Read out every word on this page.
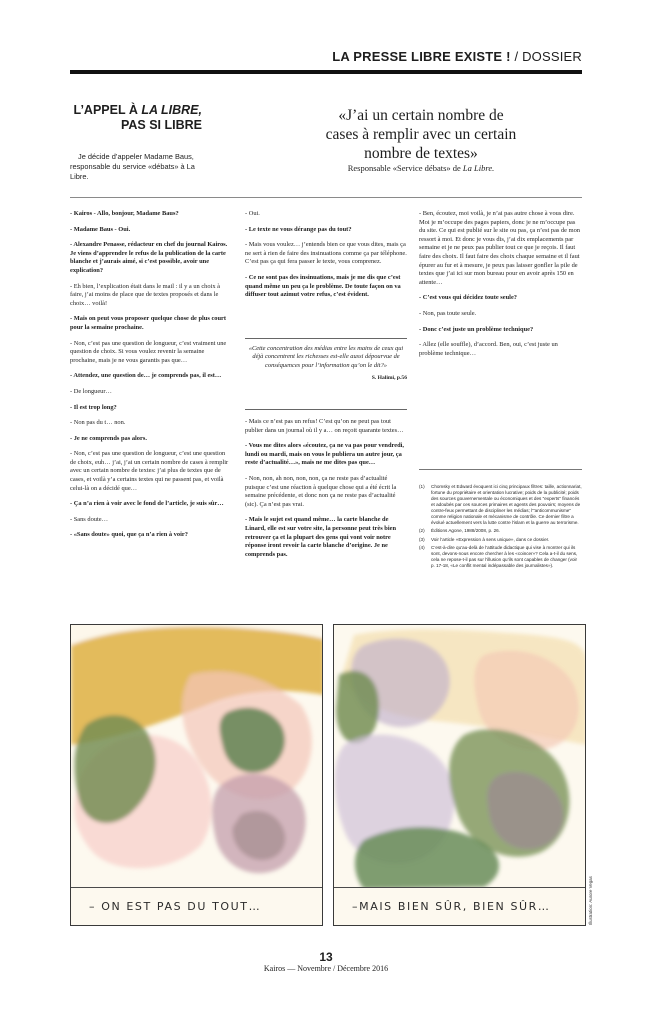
LA PRESSE LIBRE EXISTE ! / DOSSIER
L’APPEL À LA LIBRE,
PAS SI LIBRE
Je décide d’appeler Madame Baus, responsable du service «débats» à La Libre.
«J’ai un certain nombre de cases à remplir avec un certain nombre de textes»
Responsable «Service débats» de La Libre.

- Kairos - Allo, bonjour, Madame Baus?

- Madame Baus - Oui.

- Alexandre Penasse, rédacteur en chef du journal Kairos. Je viens d’apprendre le refus de la publication de la carte blanche et j’aurais aimé, si c’est possible, avoir une explication?

- Eh bien, l’explication était dans le mail : il y a un choix à faire, j’ai moins de place que de textes proposés et dans le choix… voilà!

- Mais on peut vous proposer quelque chose de plus court pour la semaine prochaine.

- Non, c’est pas une question de longueur, c’est vraiment une question de choix. Si vous voulez revenir la semaine prochaine, mais je ne vous garantis pas que…

- Attendez, une question de… je comprends pas, il est…

- De longueur…

- Il est trop long?

- Non pas du t… non.

- Je ne comprends pas alors.

- Non, c’est pas une question de longueur, c’est une question de choix, euh… j’ai, j’ai un certain nombre de cases à remplir avec un certain nombre de textes: j’ai plus de textes que de cases, et voilà y’a certains textes qui ne passent pas, et voilà celui-là on a décidé que…

- Ça n’a rien à voir avec le fond de l’article, je suis sûr…

- Sans doute…

- «Sans doute» quoi, que ça n’a rien à voir?

- Oui.

- Le texte ne vous dérange pas du tout?

- Mais vous voulez… j’entends bien ce que vous dites, mais ça ne sert à rien de faire des insinuations comme ça par téléphone. C’est pas ça qui fera passer le texte, vous comprenez.

- Ce ne sont pas des insinuations, mais je me dis que c’est quand même un peu ça le problème. De toute façon on va diffuser tout azimut votre refus, c’est évident.

«Cette concentration des médias entre les mains de ceux qui déjà concentrent les richesses est-elle aussi dépourvue de conséquences pour l’information qu’on le dit?»
S. Halimi, p.56

- Mais ce n’est pas un refus! C’est qu’on ne peut pas tout publier dans un journal où il y a… on reçoit quarante textes…

- Vous me dites alors «écoutez, ça ne va pas pour vendredi, lundi ou mardi, mais on vous le publiera un autre jour, ça reste d’actualité…», mais ne me dites pas que…

- Non, non, ah non, non, non, ça ne reste pas d’actualité puisque c’est une réaction à quelque chose qui a été écrit la semaine précédente, et donc non ça ne reste pas d’actualité (sic). Ça n’est pas vrai.

- Mais le sujet est quand même… la carte blanche de Linard, elle est sur votre site, la personne peut très bien retrouver ça et la plupart des gens qui vont voir notre réponse iront revoir la carte blanche d’origine. Je ne comprends pas.

- Ben, écoutez, moi voilà, je n’ai pas autre chose à vous dire. Moi je m’occupe des pages papiers, donc je ne m’occupe pas du site. Ce qui est publié sur le site ou pas, ça n’est pas de mon ressort à moi. Et donc je vous dis, j’ai dix emplacements par semaine et je ne peux pas publier tout ce que je reçois. Il faut faire des choix. Il faut faire des choix chaque semaine et il faut épurer au fur et à mesure, je peux pas laisser gonfler la pile de textes que j’ai ici sur mon bureau pour en avoir après 150 en attente…

- C’est vous qui décidez toute seule?

- Non, pas toute seule.

- Donc c’est juste un problème technique?

- Allez (elle souffle), d’accord. Ben, oui, c’est juste un problème technique…

(1)	Chomsky et Edward évoquent ici cinq principaux filtres: taille, actionnariat, fortune du propriétaire et orientation lucrative; poids de la publicité; poids des sources gouvernementale ou économiques et des "experts" financés et adoubés par ces sources primaires et agents des pouvoirs; moyens de contre-feux permettant de discipliner les médias; l'"anticommunisme" comme religion nationale et mécanisme de contrôle. Ce dernier filtre a évolué actuellement vers la lutte contre l'islam et la guerre au terrorisme.
(2)	Éditions Agone, 1988/2008, p. 26.
(3)	Voir l’article «Expression à sens unique», dans ce dossier.
(4)	C’est-à-dire qu’au-delà de l’attitude didactique qui vise à montrer qui ils sont, devons-nous encore chercher à les «coincer»? Cela a-t-il du sens, cela ne repose-t-il pas sur l’illusion qu’ils sont capables de changer (voir p. 17-18, «Le conflit mental indépassable des journalistes»).
– ON EST PAS DU TOUT…	–MAIS BIEN SÛR, BIEN SÛR…	Illustration: Aurore Vegas
13
Kairos — Novembre / Décembre 2016
